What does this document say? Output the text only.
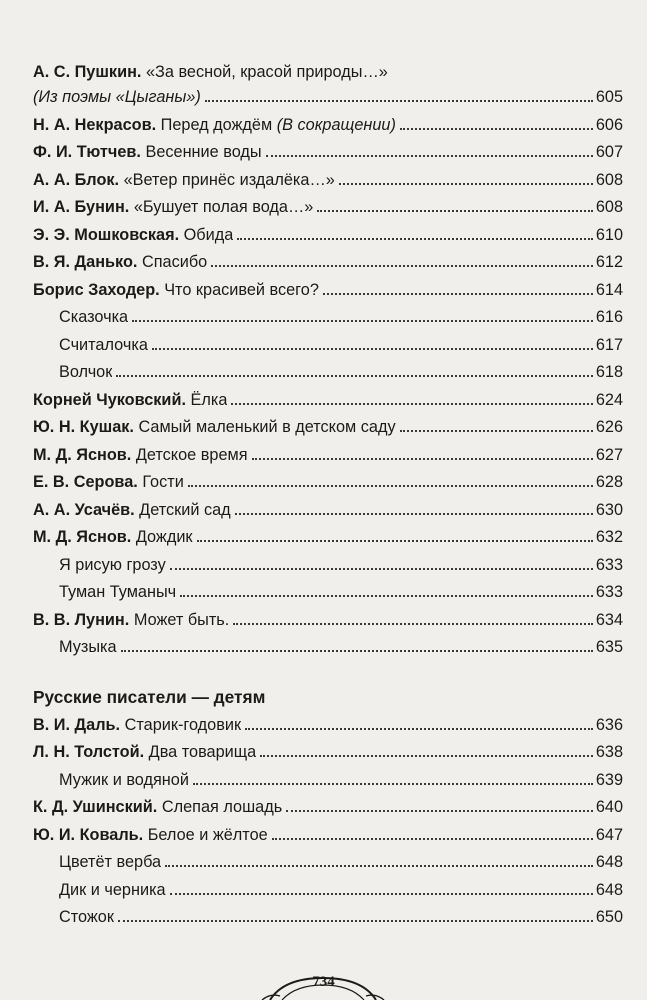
А. С. Пушкин. «За весной, красой природы…»
(Из поэмы «Цыганы»)	605
Н. А. Некрасов. Перед дождём (В сокращении)	606
Ф. И. Тютчев. Весенние воды	607
А. А. Блок. «Ветер принёс издалёка…»	608
И. А. Бунин. «Бушует полая вода…»	608
Э. Э. Мошковская. Обида	610
В. Я. Данько. Спасибо	612
Борис Заходер. Что красивей всего?	614
Сказочка	616
Считалочка	617
Волчок	618
Корней Чуковский. Ёлка	624
Ю. Н. Кушак. Самый маленький в детском саду	626
М. Д. Яснов. Детское время	627
Е. В. Серова. Гости	628
А. А. Усачёв. Детский сад	630
М. Д. Яснов. Дождик	632
Я рисую грозу	633
Туман Туманыч	633
В. В. Лунин. Может быть.	634
Музыка	635
Русские писатели — детям
В. И. Даль. Старик-годовик	636
Л. Н. Толстой. Два товарища	638
Мужик и водяной	639
К. Д. Ушинский. Слепая лошадь	640
Ю. И. Коваль. Белое и жёлтое	647
Цветёт верба	648
Дик и черника	648
Стожок	650
734
